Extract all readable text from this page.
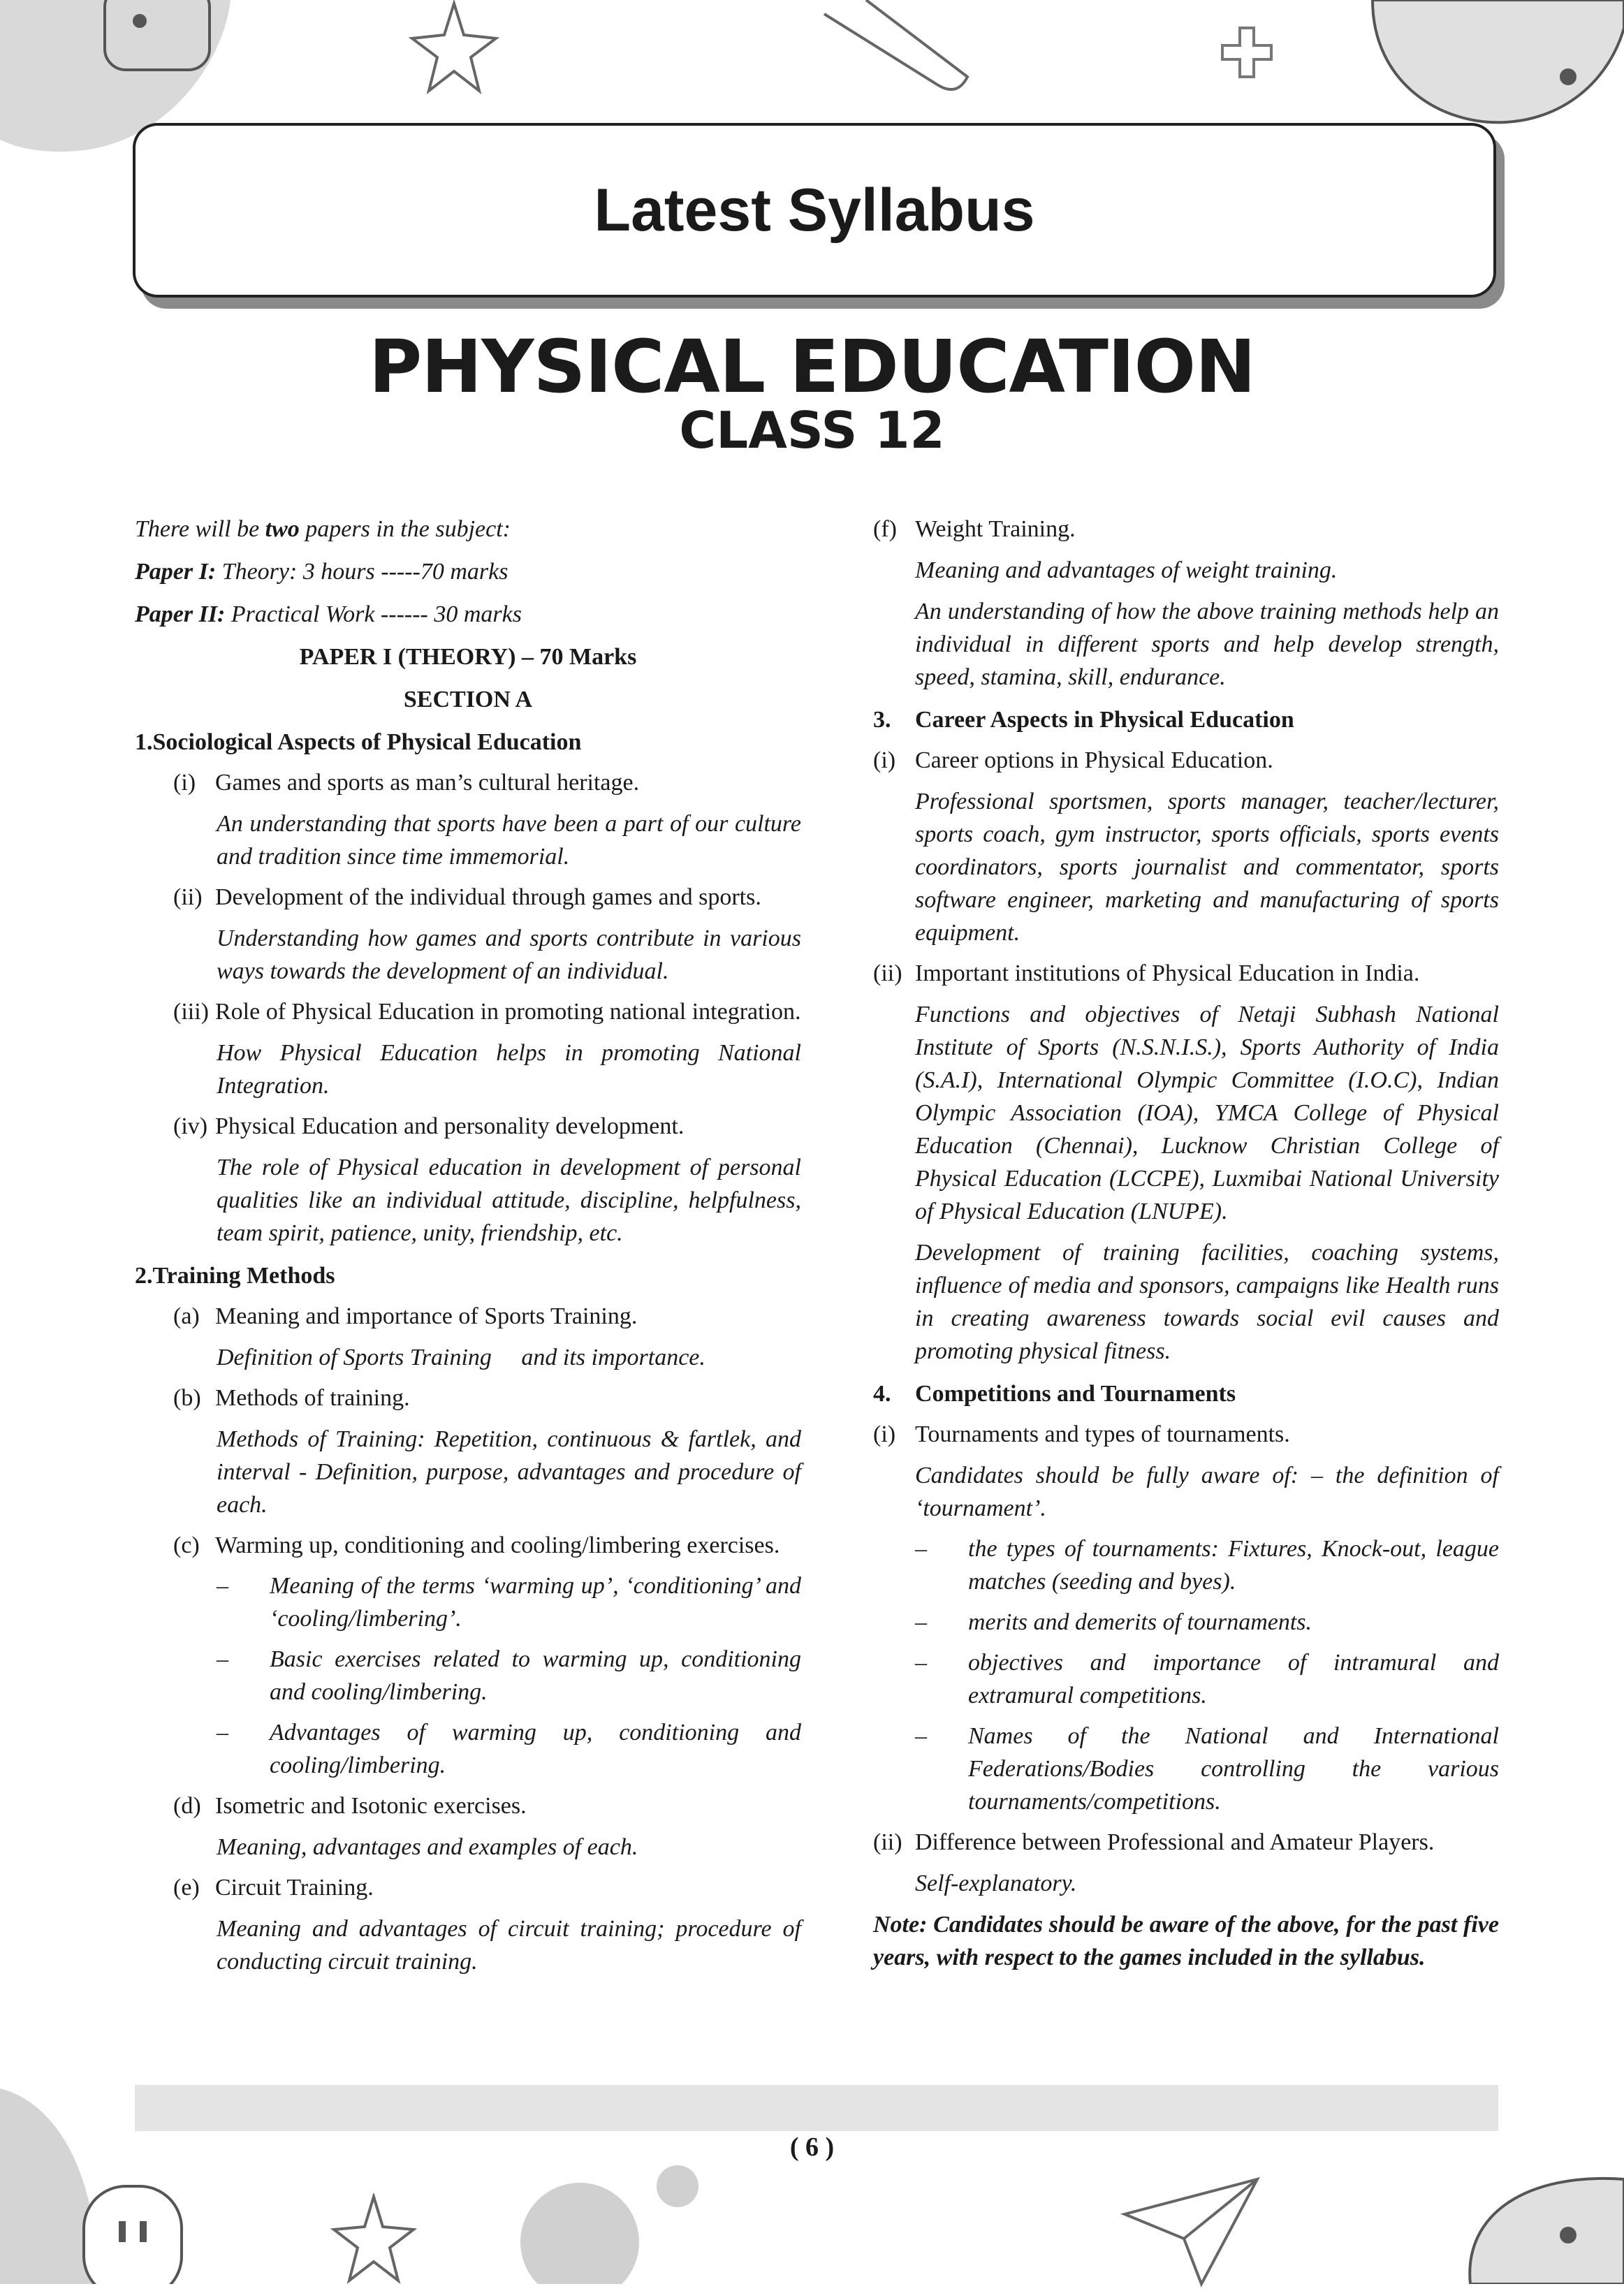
Latest Syllabus
PHYSICAL EDUCATION
CLASS 12

There will be two papers in the subject:

Paper I: Theory: 3 hours -----70 marks

Paper II: Practical Work ------ 30 marks

PAPER I (THEORY) – 70 Marks

SECTION A

1. Sociological Aspects of Physical Education
(i) Games and sports as man’s cultural heritage.

An understanding that sports have been a part of our culture and tradition since time immemorial.

(ii) Development of the individual through games and sports.

Understanding how games and sports contribute in various ways towards the development of an individual.

(iii) Role of Physical Education in promoting national integration.

How Physical Education helps in promoting National Integration.

(iv) Physical Education and personality development.

The role of Physical education in development of personal qualities like an individual attitude, discipline, helpfulness, team spirit, patience, unity, friendship, etc.

2. Training Methods
(a) Meaning and importance of Sports Training.

Definition of Sports Training     and its importance.

(b) Methods of training.

Methods of Training: Repetition, continuous & fartlek, and interval - Definition, purpose, advantages and procedure of each.

(c) Warming up, conditioning and cooling/limbering exercises.
–	Meaning of the terms ‘warming up’, ‘conditioning’ and ‘cooling/limbering’.
–	Basic exercises related to warming up, conditioning and cooling/limbering.
–	Advantages of warming up, conditioning and cooling/limbering.
(d) Isometric and Isotonic exercises.

Meaning, advantages and examples of each.

(e) Circuit Training.

Meaning and advantages of circuit training; procedure of conducting circuit training.

(f) Weight Training.

Meaning and advantages of weight training.

An understanding of how the above training methods help an individual in different sports and help develop strength, speed, stamina, skill, endurance.

3.	Career Aspects in Physical Education
(i) Career options in Physical Education.

Professional sportsmen, sports manager, teacher/lecturer, sports coach, gym instructor, sports officials, sports events coordinators, sports journalist and commentator, sports software engineer, marketing and manufacturing of sports equipment.

(ii) Important institutions of Physical Education in India.

Functions and objectives of Netaji Subhash National Institute of Sports (N.S.N.I.S.), Sports Authority of India (S.A.I), International Olympic Committee (I.O.C), Indian Olympic Association (IOA), YMCA College of Physical Education (Chennai), Lucknow Christian College of Physical Education (LCCPE), Luxmibai National University of Physical Education (LNUPE).

Development of training facilities, coaching systems, influence of media and sponsors, campaigns like Health runs in creating awareness towards social evil causes and promoting physical fitness.

4.	Competitions and Tournaments
(i) Tournaments and types of tournaments.

Candidates should be fully aware of: – the definition of ‘tournament’.

–	the types of tournaments: Fixtures, Knock-out, league matches (seeding and byes).
–	merits and demerits of tournaments.
–	objectives and importance of intramural and extramural competitions.
–	Names of the National and International Federations/Bodies controlling the various tournaments/competitions.
(ii) Difference between Professional and Amateur Players.

Self-explanatory.

Note: Candidates should be aware of the above, for the past five years, with respect to the games included in the syllabus.

( 6 )
